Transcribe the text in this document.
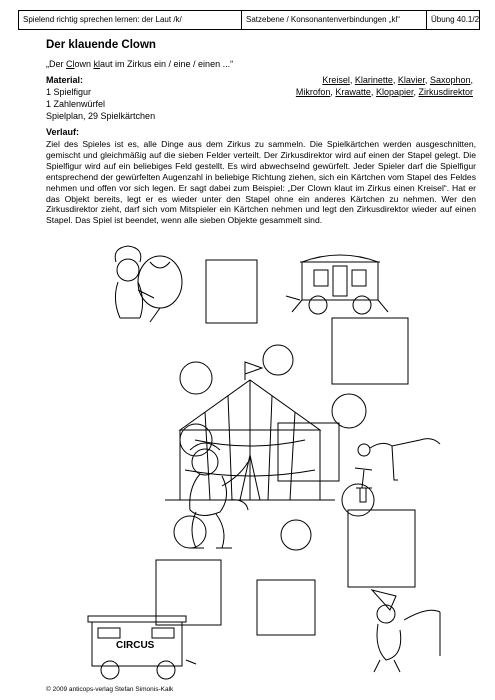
Spielend richtig sprechen lernen: der Laut /k/	Satzebene / Konsonantenverbindungen „kl“	Übung 40.1/2
Der klauende Clown
„Der Clown klaut im Zirkus ein / eine / einen ...“
Material:
1 Spielfigur
1 Zahlenwürfel
Spielplan, 29 Spielkärtchen
Kreisel, Klarinette, Klavier, Saxophon,
Mikrofon, Krawatte, Klopapier, Zirkusdirektor
Verlauf:
Ziel des Spieles ist es, alle Dinge aus dem Zirkus zu sammeln. Die Spielkärtchen werden ausgeschnitten, gemischt und gleichmäßig auf die sieben Felder verteilt. Der Zirkusdirektor wird auf einen der Stapel gelegt. Die Spielfigur wird auf ein beliebiges Feld gestellt. Es wird abwechselnd gewürfelt. Jeder Spieler darf die Spielfigur entsprechend der gewürfelten Augenzahl in beliebige Richtung ziehen, sich ein Kärtchen vom Stapel des Feldes nehmen und offen vor sich legen. Er sagt dabei zum Beispiel: „Der Clown klaut im Zirkus einen Kreisel“. Hat er das Objekt bereits, legt er es wieder unter den Stapel ohne ein anderes Kärtchen zu nehmen. Wer den Zirkusdirektor zieht, darf sich vom Mitspieler ein Kärtchen nehmen und legt den Zirkusdirektor wieder auf einen Stapel. Das Spiel ist beendet, wenn alle sieben Objekte gesammelt sind.
CIRCUS
© 2009 anticops-verlag Stefan Simonis-Kalk
